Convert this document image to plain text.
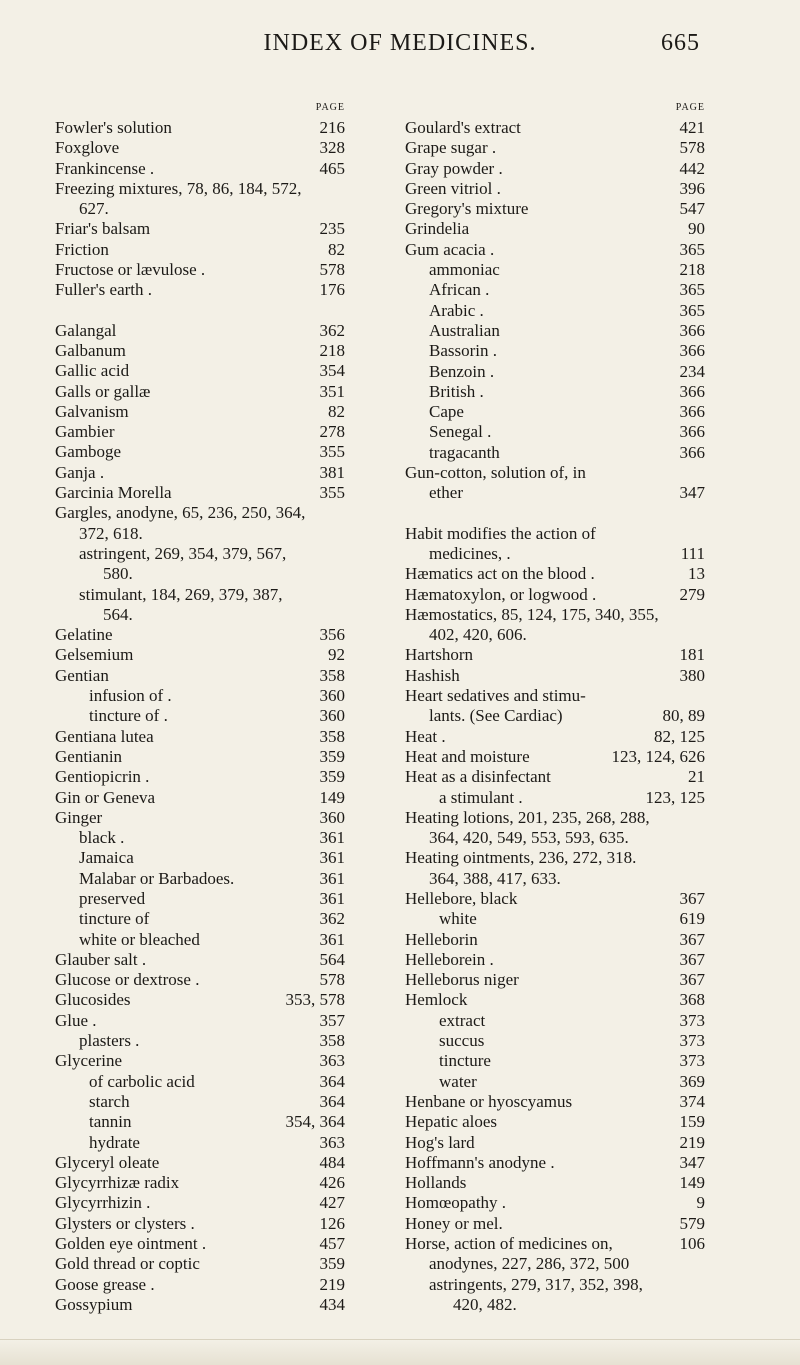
INDEX OF MEDICINES.	665
PAGE
Fowler's solution	216
Foxglove	328
Frankincense .	465
Freezing mixtures, 78, 86, 184, 572,
627.
Friar's balsam	235
Friction	82
Fructose or lævulose .	578
Fuller's earth .	176
Galangal	362
Galbanum	218
Gallic acid	354
Galls or gallæ	351
Galvanism	82
Gambier	278
Gamboge	355
Ganja .	381
Garcinia Morella	355
Gargles, anodyne, 65, 236, 250, 364,
372, 618.
astringent, 269, 354, 379, 567,
580.
stimulant, 184, 269, 379, 387,
564.
Gelatine	356
Gelsemium	92
Gentian	358
infusion of .	360
tincture of .	360
Gentiana lutea	358
Gentianin	359
Gentiopicrin .	359
Gin or Geneva	149
Ginger	360
black .	361
Jamaica	361
Malabar or Barbadoes.	361
preserved	361
tincture of	362
white or bleached	361
Glauber salt .	564
Glucose or dextrose .	578
Glucosides	353, 578
Glue .	357
plasters .	358
Glycerine	363
of carbolic acid	364
starch	364
tannin	354, 364
hydrate	363
Glyceryl oleate	484
Glycyrrhizæ radix	426
Glycyrrhizin .	427
Glysters or clysters .	126
Golden eye ointment .	457
Gold thread or coptic	359
Goose grease .	219
Gossypium	434
PAGE
Goulard's extract	421
Grape sugar .	578
Gray powder .	442
Green vitriol .	396
Gregory's mixture	547
Grindelia	90
Gum acacia .	365
ammoniac	218
African .	365
Arabic .	365
Australian	366
Bassorin .	366
Benzoin .	234
British .	366
Cape	366
Senegal .	366
tragacanth	366
Gun-cotton, solution of, in
ether	347
Habit modifies the action of
medicines, .	111
Hæmatics act on the blood .	13
Hæmatoxylon, or logwood .	279
Hæmostatics, 85, 124, 175, 340, 355,
402, 420, 606.
Hartshorn	181
Hashish	380
Heart sedatives and stimu-
lants. (See Cardiac)	80, 89
Heat .	82, 125
Heat and moisture	123, 124, 626
Heat as a disinfectant	21
a stimulant .	123, 125
Heating lotions, 201, 235, 268, 288,
364, 420, 549, 553, 593, 635.
Heating ointments, 236, 272, 318.
364, 388, 417, 633.
Hellebore, black	367
white	619
Helleborin	367
Helleborein .	367
Helleborus niger	367
Hemlock	368
extract	373
succus	373
tincture	373
water	369
Henbane or hyoscyamus	374
Hepatic aloes	159
Hog's lard	219
Hoffmann's anodyne .	347
Hollands	149
Homœopathy .	9
Honey or mel.	579
Horse, action of medicines on,	106
anodynes, 227, 286, 372, 500
astringents, 279, 317, 352, 398,
420, 482.
